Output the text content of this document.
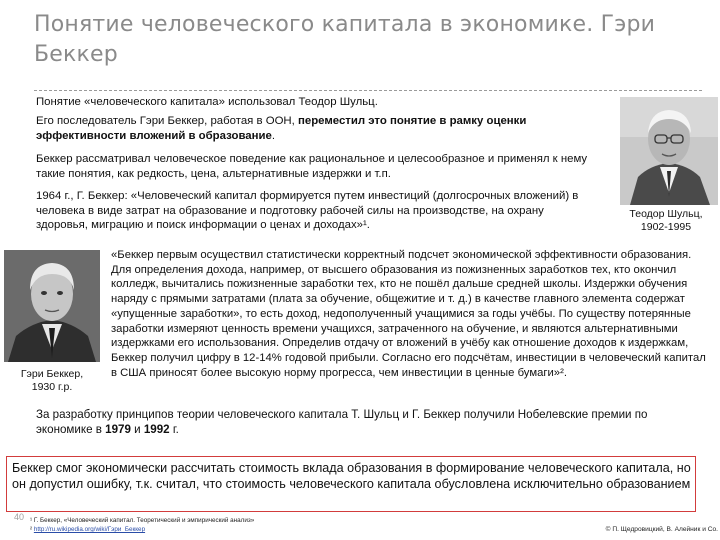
Понятие человеческого капитала в экономике. Гэри Беккер
Понятие «человеческого капитала» использовал Теодор Шульц.
Его последователь Гэри Беккер, работая в ООН, переместил это понятие в рамку оценки эффективности вложений в образование.
Беккер рассматривал человеческое поведение как рациональное и целесообразное и применял к нему такие понятия, как редкость, цена, альтернативные издержки и т.п.
1964 г., Г. Беккер: «Человеческий капитал формируется путем инвестиций (долгосрочных вложений) в человека в виде затрат на образование и подготовку рабочей силы на производстве, на охрану здоровья, миграцию и поиск информации о ценах и доходах»¹.
Теодор Шульц,
1902-1995
Гэри Беккер,
1930 г.р.
«Беккер первым осуществил статистически корректный подсчет экономической эффективности образования. Для определения дохода, например, от высшего образования из пожизненных заработков тех, кто окончил колледж, вычитались пожизненные заработки тех, кто не пошёл дальше средней школы. Издержки обучения наряду с прямыми затратами (плата за обучение, общежитие и т. д.) в качестве главного элемента содержат «упущенные заработки», то есть доход, недополученный учащимися за годы учёбы. По существу потерянные заработки измеряют ценность времени учащихся, затраченного на обучение, и являются альтернативными издержками его использования. Определив отдачу от вложений в учёбу как отношение доходов к издержкам, Беккер получил цифру в 12-14% годовой прибыли. Согласно его подсчётам, инвестиции в человеческий капитал в США приносят более высокую норму прогресса, чем инвестиции в ценные бумаги»².
За разработку принципов теории человеческого капитала Т. Шульц и Г. Беккер получили Нобелевские премии по экономике в 1979 и 1992 г.
Беккер смог экономически рассчитать стоимость вклада образования в формирование человеческого капитала, но он допустил ошибку, т.к. считал, что стоимость человеческого капитала обусловлена исключительно образованием
40 ¹ Г. Беккер, «Человеческий капитал. Теоретический и эмпирический анализ»
² http://ru.wikipedia.org/wiki/Гэри_Беккер	© П. Щедровицкий, В. Алейник и Со.
